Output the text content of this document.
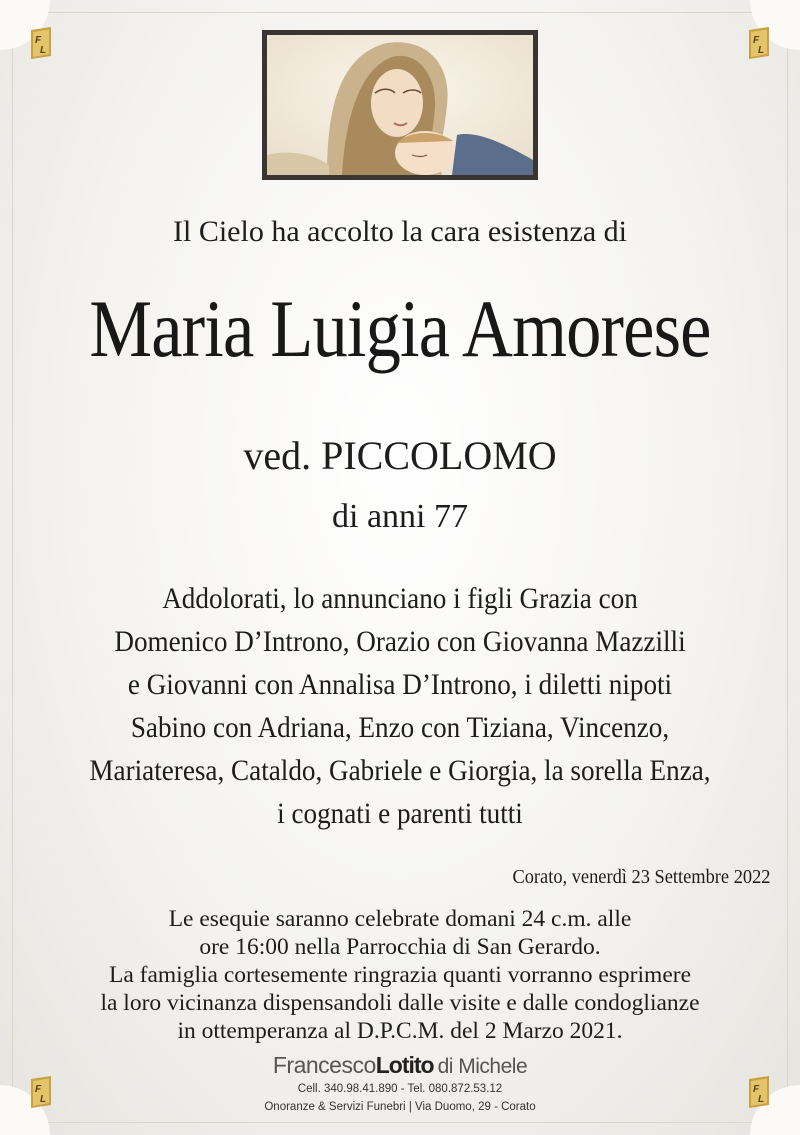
F
L
F
L
F
L
F
L
Il Cielo ha accolto la cara esistenza di
Maria Luigia Amorese
ved. PICCOLOMO
di anni 77
Addolorati, lo annunciano i figli Grazia con
Domenico D’Introno, Orazio con Giovanna Mazzilli
e Giovanni con Annalisa D’Introno, i diletti nipoti
Sabino con Adriana, Enzo con Tiziana, Vincenzo,
Mariateresa, Cataldo, Gabriele e Giorgia, la sorella Enza,
i cognati e parenti tutti
Corato, venerdì 23 Settembre 2022
Le esequie saranno celebrate domani 24 c.m. alle
ore 16:00 nella Parrocchia di San Gerardo.
La famiglia cortesemente ringrazia quanti vorranno esprimere
la loro vicinanza dispensandoli dalle visite e dalle condoglianze
in ottemperanza al D.P.C.M. del 2 Marzo 2021.
FrancescoLotito di Michele
Cell. 340.98.41.890 - Tel. 080.872.53.12
Onoranze & Servizi Funebri | Via Duomo, 29 - Corato
